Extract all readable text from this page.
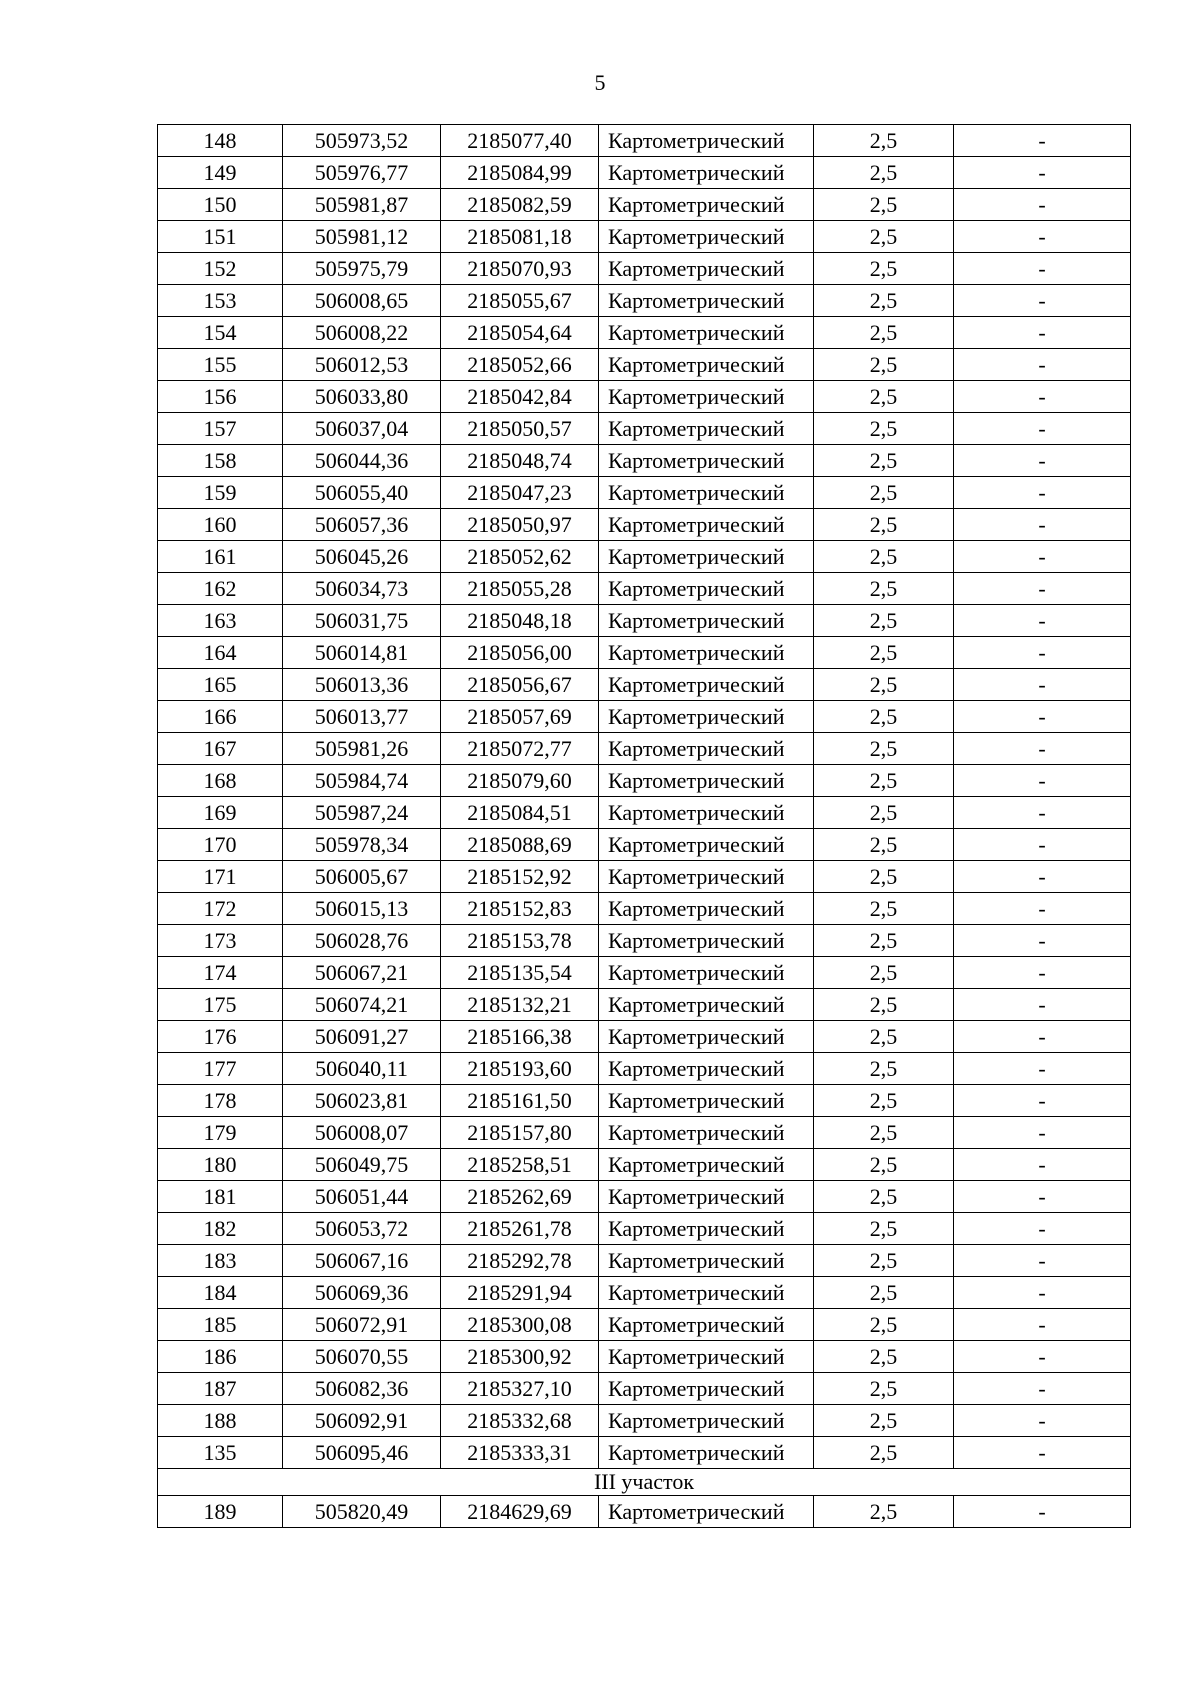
5
148	505973,52	2185077,40	Картометрический	2,5	-
149	505976,77	2185084,99	Картометрический	2,5	-
150	505981,87	2185082,59	Картометрический	2,5	-
151	505981,12	2185081,18	Картометрический	2,5	-
152	505975,79	2185070,93	Картометрический	2,5	-
153	506008,65	2185055,67	Картометрический	2,5	-
154	506008,22	2185054,64	Картометрический	2,5	-
155	506012,53	2185052,66	Картометрический	2,5	-
156	506033,80	2185042,84	Картометрический	2,5	-
157	506037,04	2185050,57	Картометрический	2,5	-
158	506044,36	2185048,74	Картометрический	2,5	-
159	506055,40	2185047,23	Картометрический	2,5	-
160	506057,36	2185050,97	Картометрический	2,5	-
161	506045,26	2185052,62	Картометрический	2,5	-
162	506034,73	2185055,28	Картометрический	2,5	-
163	506031,75	2185048,18	Картометрический	2,5	-
164	506014,81	2185056,00	Картометрический	2,5	-
165	506013,36	2185056,67	Картометрический	2,5	-
166	506013,77	2185057,69	Картометрический	2,5	-
167	505981,26	2185072,77	Картометрический	2,5	-
168	505984,74	2185079,60	Картометрический	2,5	-
169	505987,24	2185084,51	Картометрический	2,5	-
170	505978,34	2185088,69	Картометрический	2,5	-
171	506005,67	2185152,92	Картометрический	2,5	-
172	506015,13	2185152,83	Картометрический	2,5	-
173	506028,76	2185153,78	Картометрический	2,5	-
174	506067,21	2185135,54	Картометрический	2,5	-
175	506074,21	2185132,21	Картометрический	2,5	-
176	506091,27	2185166,38	Картометрический	2,5	-
177	506040,11	2185193,60	Картометрический	2,5	-
178	506023,81	2185161,50	Картометрический	2,5	-
179	506008,07	2185157,80	Картометрический	2,5	-
180	506049,75	2185258,51	Картометрический	2,5	-
181	506051,44	2185262,69	Картометрический	2,5	-
182	506053,72	2185261,78	Картометрический	2,5	-
183	506067,16	2185292,78	Картометрический	2,5	-
184	506069,36	2185291,94	Картометрический	2,5	-
185	506072,91	2185300,08	Картометрический	2,5	-
186	506070,55	2185300,92	Картометрический	2,5	-
187	506082,36	2185327,10	Картометрический	2,5	-
188	506092,91	2185332,68	Картометрический	2,5	-
135	506095,46	2185333,31	Картометрический	2,5	-
III участок					
189	505820,49	2184629,69	Картометрический	2,5	-
